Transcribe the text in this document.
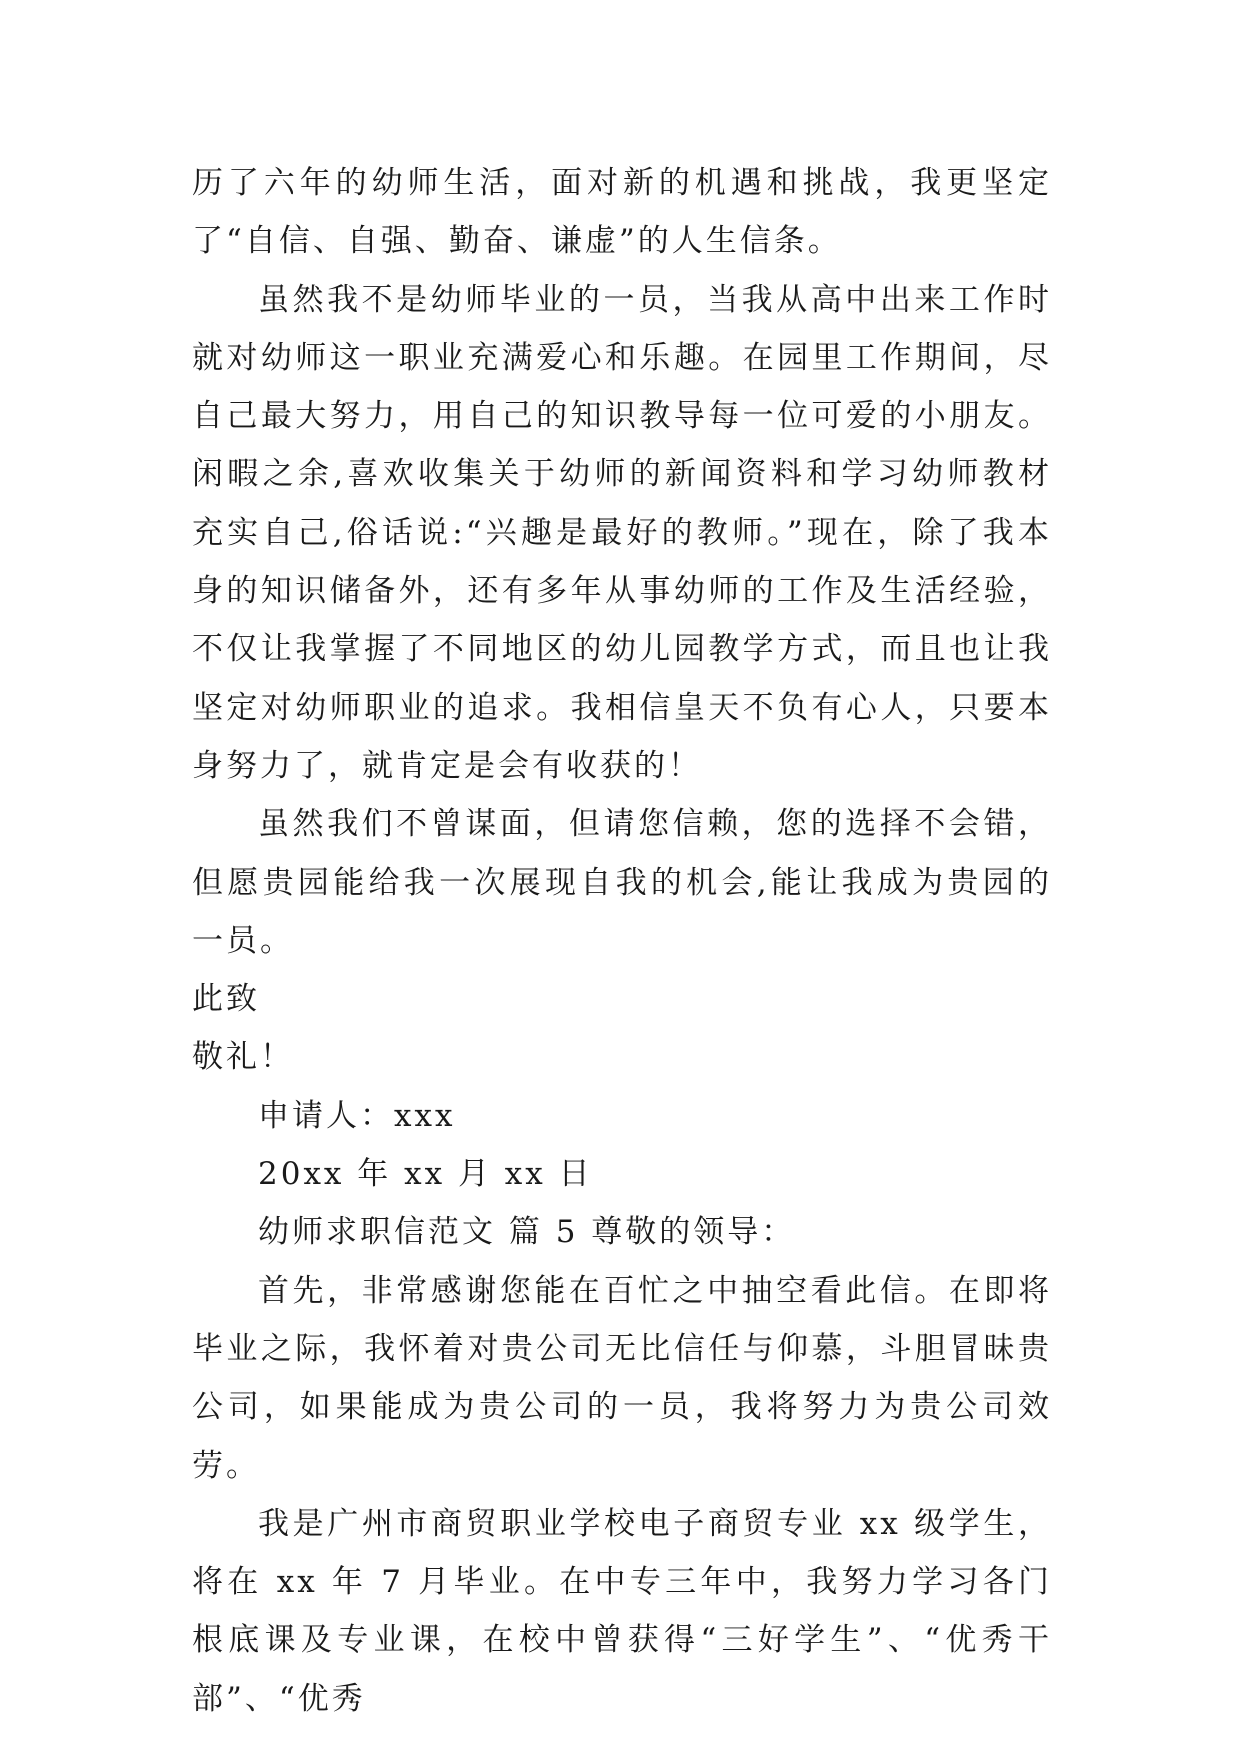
历了六年的幼师生活，面对新的机遇和挑战，我更坚定了“自信、自强、勤奋、谦虚”的人生信条。

虽然我不是幼师毕业的一员，当我从高中出来工作时就对幼师这一职业充满爱心和乐趣。在园里工作期间，尽自己最大努力，用自己的知识教导每一位可爱的小朋友。闲暇之余,喜欢收集关于幼师的新闻资料和学习幼师教材充实自己,俗话说:“兴趣是最好的教师。”现在，除了我本身的知识储备外，还有多年从事幼师的工作及生活经验，不仅让我掌握了不同地区的幼儿园教学方式，而且也让我坚定对幼师职业的追求。我相信皇天不负有心人，只要本身努力了，就肯定是会有收获的！

虽然我们不曾谋面，但请您信赖，您的选择不会错，但愿贵园能给我一次展现自我的机会,能让我成为贵园的一员。

此致

敬礼！

申请人：xxx

20xx 年 xx 月 xx 日

幼师求职信范文 篇 5 尊敬的领导：

首先，非常感谢您能在百忙之中抽空看此信。在即将毕业之际，我怀着对贵公司无比信任与仰慕，斗胆冒昧贵公司，如果能成为贵公司的一员，我将努力为贵公司效劳。

我是广州市商贸职业学校电子商贸专业 xx 级学生，将在 xx 年 7 月毕业。在中专三年中，我努力学习各门根底课及专业课，在校中曾获得“三好学生”、“优秀干部”、“优秀
